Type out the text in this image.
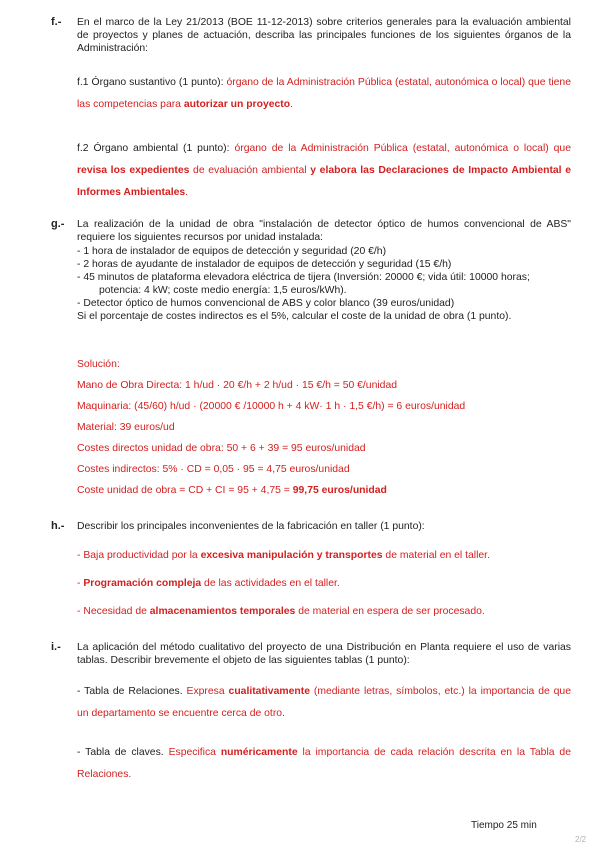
f.- En el marco de la Ley 21/2013 (BOE 11-12-2013) sobre criterios generales para la evaluación ambiental de proyectos y planes de actuación, describa las principales funciones de los siguientes órganos de la Administración:
f.1 Órgano sustantivo (1 punto): órgano de la Administración Pública (estatal, autonómica o local) que tiene las competencias para autorizar un proyecto.
f.2 Órgano ambiental (1 punto): órgano de la Administración Pública (estatal, autonómica o local) que revisa los expedientes de evaluación ambiental y elabora las Declaraciones de Impacto Ambiental e Informes Ambientales.
g.- La realización de la unidad de obra "instalación de detector óptico de humos convencional de ABS" requiere los siguientes recursos por unidad instalada:
- 1 hora de instalador de equipos de detección y seguridad (20 €/h)
- 2 horas de ayudante de instalador de equipos de detección y seguridad (15 €/h)
- 45 minutos de plataforma elevadora eléctrica de tijera (Inversión: 20000 €; vida útil: 10000 horas; potencia: 4 kW; coste medio energía: 1,5 euros/kWh).
- Detector óptico de humos convencional de ABS y color blanco (39 euros/unidad)
Si el porcentaje de costes indirectos es el 5%, calcular el coste de la unidad de obra (1 punto).
Solución:
Mano de Obra Directa: 1 h/ud · 20 €/h + 2 h/ud · 15 €/h = 50 €/unidad
Maquinaria: (45/60) h/ud · (20000 € /10000 h + 4 kW· 1 h · 1,5 €/h) = 6 euros/unidad
Material: 39 euros/ud
Costes directos unidad de obra: 50 + 6 + 39 = 95 euros/unidad
Costes indirectos: 5% · CD = 0,05 · 95 = 4,75 euros/unidad
Coste unidad de obra = CD + CI = 95 + 4,75 = 99,75 euros/unidad
h.- Describir los principales inconvenientes de la fabricación en taller (1 punto):
- Baja productividad por la excesiva manipulación y transportes de material en el taller.
- Programación compleja de las actividades en el taller.
- Necesidad de almacenamientos temporales de material en espera de ser procesado.
i.- La aplicación del método cualitativo del proyecto de una Distribución en Planta requiere el uso de varias tablas. Describir brevemente el objeto de las siguientes tablas (1 punto):
- Tabla de Relaciones. Expresa cualitativamente (mediante letras, símbolos, etc.) la importancia de que un departamento se encuentre cerca de otro.
- Tabla de claves. Especifica numéricamente la importancia de cada relación descrita en la Tabla de Relaciones.
Tiempo 25 min
2/2
